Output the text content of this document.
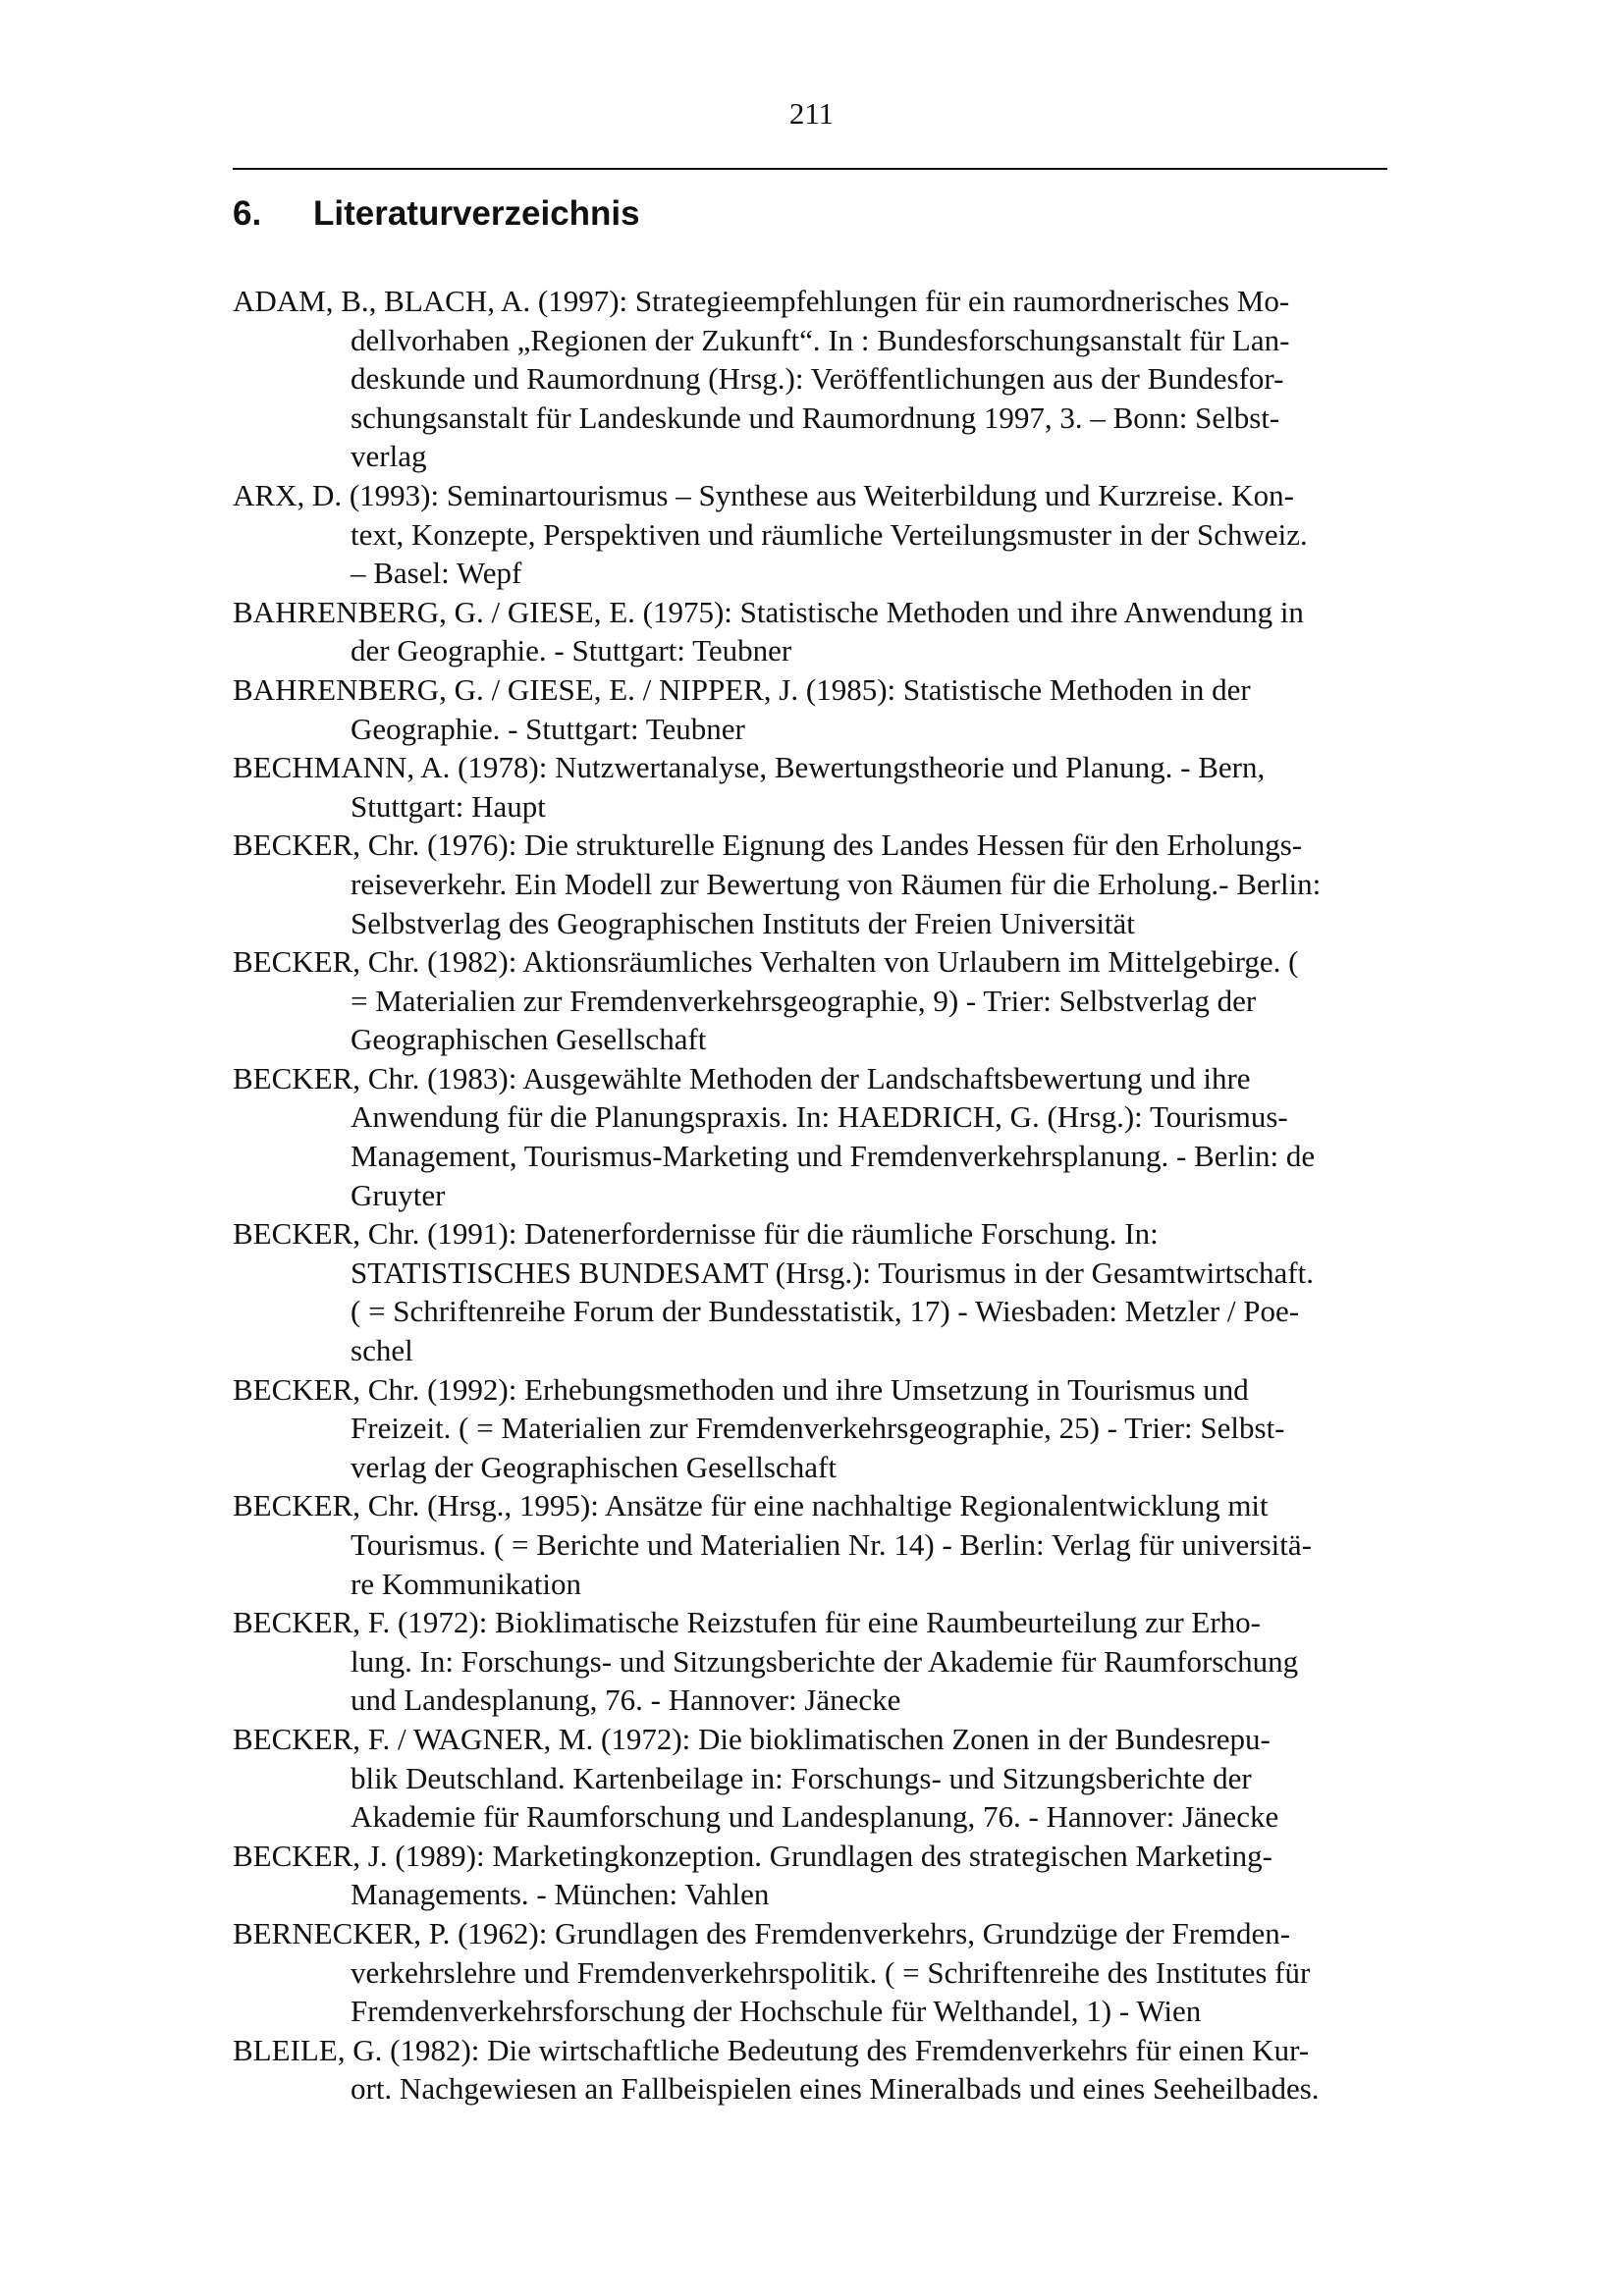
211
6. Literaturverzeichnis
ADAM, B., BLACH, A. (1997): Strategieempfehlungen für ein raumordnerisches Mo-
dellvorhaben „Regionen der Zukunft“. In : Bundesforschungsanstalt für Lan-
deskunde und Raumordnung (Hrsg.): Veröffentlichungen aus der Bundesfor-
schungsanstalt für Landeskunde und Raumordnung 1997, 3. – Bonn: Selbst-
verlag
ARX, D. (1993): Seminartourismus – Synthese aus Weiterbildung und Kurzreise. Kon-
text, Konzepte, Perspektiven und räumliche Verteilungsmuster in der Schweiz.
– Basel: Wepf
BAHRENBERG, G. / GIESE, E. (1975): Statistische Methoden und ihre Anwendung in
der Geographie. - Stuttgart: Teubner
BAHRENBERG, G. / GIESE, E. / NIPPER, J. (1985): Statistische Methoden in der
Geographie. - Stuttgart: Teubner
BECHMANN, A. (1978): Nutzwertanalyse, Bewertungstheorie und Planung. - Bern,
Stuttgart: Haupt
BECKER, Chr. (1976): Die strukturelle Eignung des Landes Hessen für den Erholungs-
reiseverkehr. Ein Modell zur Bewertung von Räumen für die Erholung.- Berlin:
Selbstverlag des Geographischen Instituts der Freien Universität
BECKER, Chr. (1982): Aktionsräumliches Verhalten von Urlaubern im Mittelgebirge. (
= Materialien zur Fremdenverkehrsgeographie, 9) - Trier: Selbstverlag der
Geographischen Gesellschaft
BECKER, Chr. (1983): Ausgewählte Methoden der Landschaftsbewertung und ihre
Anwendung für die Planungspraxis. In: HAEDRICH, G. (Hrsg.): Tourismus-
Management, Tourismus-Marketing und Fremdenverkehrsplanung. - Berlin: de
Gruyter
BECKER, Chr. (1991): Datenerfordernisse für die räumliche Forschung. In:
STATISTISCHES BUNDESAMT (Hrsg.): Tourismus in der Gesamtwirtschaft.
( = Schriftenreihe Forum der Bundesstatistik, 17) - Wiesbaden: Metzler / Poe-
schel
BECKER, Chr. (1992): Erhebungsmethoden und ihre Umsetzung in Tourismus und
Freizeit. ( = Materialien zur Fremdenverkehrsgeographie, 25) - Trier: Selbst-
verlag der Geographischen Gesellschaft
BECKER, Chr. (Hrsg., 1995): Ansätze für eine nachhaltige Regionalentwicklung mit
Tourismus. ( = Berichte und Materialien Nr. 14) - Berlin: Verlag für universitä-
re Kommunikation
BECKER, F. (1972): Bioklimatische Reizstufen für eine Raumbeurteilung zur Erho-
lung. In: Forschungs- und Sitzungsberichte der Akademie für Raumforschung
und Landesplanung, 76. - Hannover: Jänecke
BECKER, F. / WAGNER, M. (1972): Die bioklimatischen Zonen in der Bundesrepu-
blik Deutschland. Kartenbeilage in: Forschungs- und Sitzungsberichte der
Akademie für Raumforschung und Landesplanung, 76. - Hannover: Jänecke
BECKER, J. (1989): Marketingkonzeption. Grundlagen des strategischen Marketing-
Managements. - München: Vahlen
BERNECKER, P. (1962): Grundlagen des Fremdenverkehrs, Grundzüge der Fremden-
verkehrslehre und Fremdenverkehrspolitik. ( = Schriftenreihe des Institutes für
Fremdenverkehrsforschung der Hochschule für Welthandel, 1) - Wien
BLEILE, G. (1982): Die wirtschaftliche Bedeutung des Fremdenverkehrs für einen Kur-
ort. Nachgewiesen an Fallbeispielen eines Mineralbads und eines Seeheilbades.
